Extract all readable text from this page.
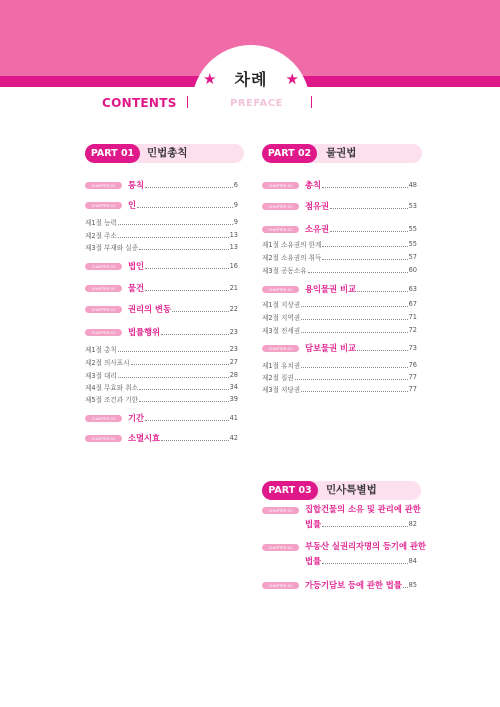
★ 차례 ★
CONTENTS	PREFACE
PART 01	민법총칙
CHAPTER 01	통칙	6
CHAPTER 01	인	9
제1절 능력	9
제2절 주소	13
제3절 부재와 실종	13
CHAPTER 01	법인	16
CHAPTER 01	물건	21
CHAPTER 01	권리의 변동	22
CHAPTER 01	법률행위	23
제1절 총칙	23
제2절 의사표시	27
제3절 대리	28
제4절 무효와 취소	34
제5절 조건과 기한	39
CHAPTER 01	기간	41
CHAPTER 01	소멸시효	42
PART 02	물권법
CHAPTER 01	총칙	48
CHAPTER 01	점유권	53
CHAPTER 01	소유권	55
제1절 소유권의 한계	55
제2절 소유권의 취득	57
제3절 공동소유	60
CHAPTER 01	용익물권 비교	63
제1절 지상권	67
제2절 지역권	71
제3절 전세권	72
CHAPTER 01	담보물권 비교	73
제1절 유치권	76
제2절 질권	77
제3절 저당권	77
PART 03	민사특별법
CHAPTER 01	집합건물의 소유 및 관리에 관한
법률	82
CHAPTER 01	부동산 실권리자명의 등기에 관한
법률	84
CHAPTER 01	가등기담보 등에 관한 법률 85
